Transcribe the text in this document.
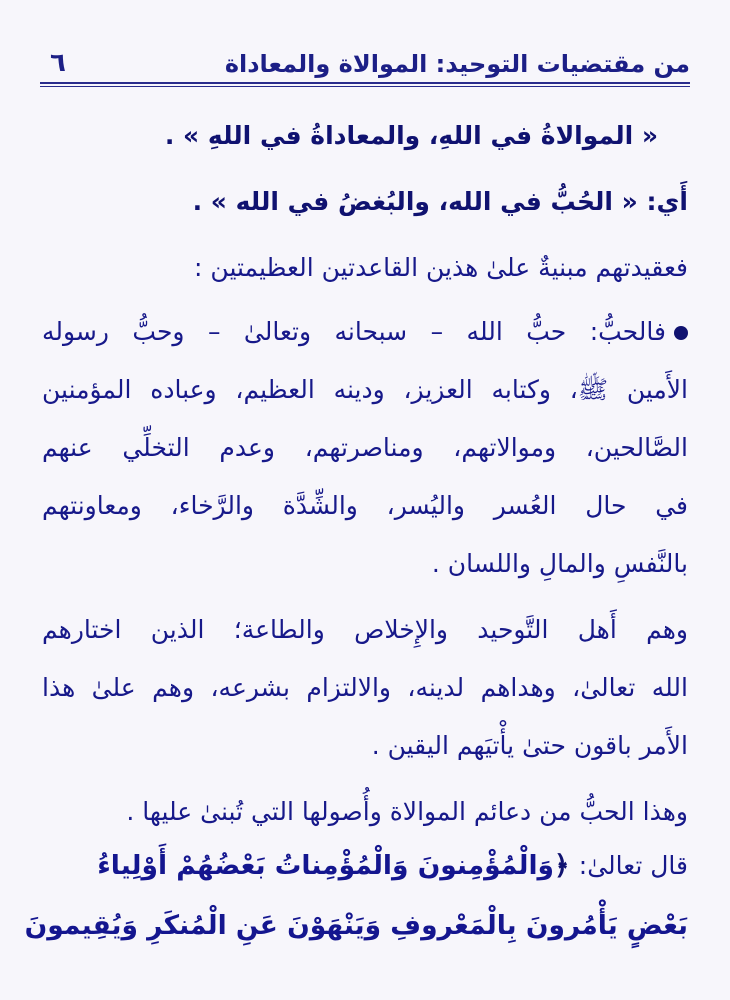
من مقتضيات التوحيد: الموالاة والمعاداة
٦
« الموالاةُ في اللهِ، والمعاداةُ في اللهِ » .
أَي: « الحُبُّ في الله، والبُغضُ في الله » .
فعقيدتهم مبنيةٌ علىٰ هذين القاعدتين العظيمتين :
فالحبُّ: حبُّ الله – سبحانه وتعالىٰ – وحبُّ رسوله
الأَمين ﷺ، وكتابه العزيز، ودينه العظيم، وعباده المؤمنين
الصَّالحين، وموالاتهم، ومناصرتهم، وعدم التخلِّي عنهم
في حال العُسر واليُسر، والشِّدَّة والرَّخاء، ومعاونتهم
بالنَّفسِ والمالِ واللسان .
وهم أَهل التَّوحيد والإِخلاص والطاعة؛ الذين اختارهم
الله تعالىٰ، وهداهم لدينه، والالتزام بشرعه، وهم علىٰ هذا
الأَمر باقون حتىٰ يأْتيَهم اليقين .
وهذا الحبُّ من دعائم الموالاة وأُصولها التي تُبنىٰ عليها .
قال تعالىٰ: ﴿وَالْمُؤْمِنونَ وَالْمُؤْمِناتُ بَعْضُهُمْ أَوْلِياءُ
بَعْضٍ يَأْمُرونَ بِالْمَعْروفِ وَيَنْهَوْنَ عَنِ الْمُنكَرِ وَيُقِيمونَ
